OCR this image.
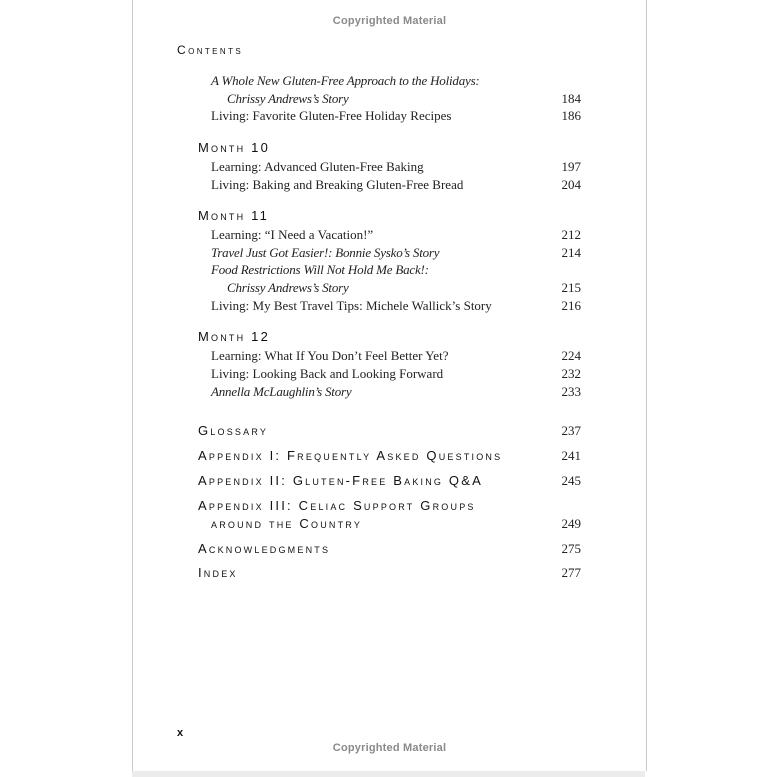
Copyrighted Material
Contents
A Whole New Gluten-Free Approach to the Holidays:
Chrissy Andrews’s Story	184
Living: Favorite Gluten-Free Holiday Recipes	186
Month 10
Learning: Advanced Gluten-Free Baking	197
Living: Baking and Breaking Gluten-Free Bread	204
Month 11
Learning: “I Need a Vacation!”	212
Travel Just Got Easier!: Bonnie Sysko’s Story	214
Food Restrictions Will Not Hold Me Back!:
Chrissy Andrews’s Story	215
Living: My Best Travel Tips: Michele Wallick’s Story	216
Month 12
Learning: What If You Don’t Feel Better Yet?	224
Living: Looking Back and Looking Forward	232
Annella McLaughlin’s Story	233
Glossary	237
Appendix I: Frequently Asked Questions	241
Appendix II: Gluten-Free Baking Q&A	245
Appendix III: Celiac Support Groups
around the Country	249
Acknowledgments	275
Index	277
x
Copyrighted Material
